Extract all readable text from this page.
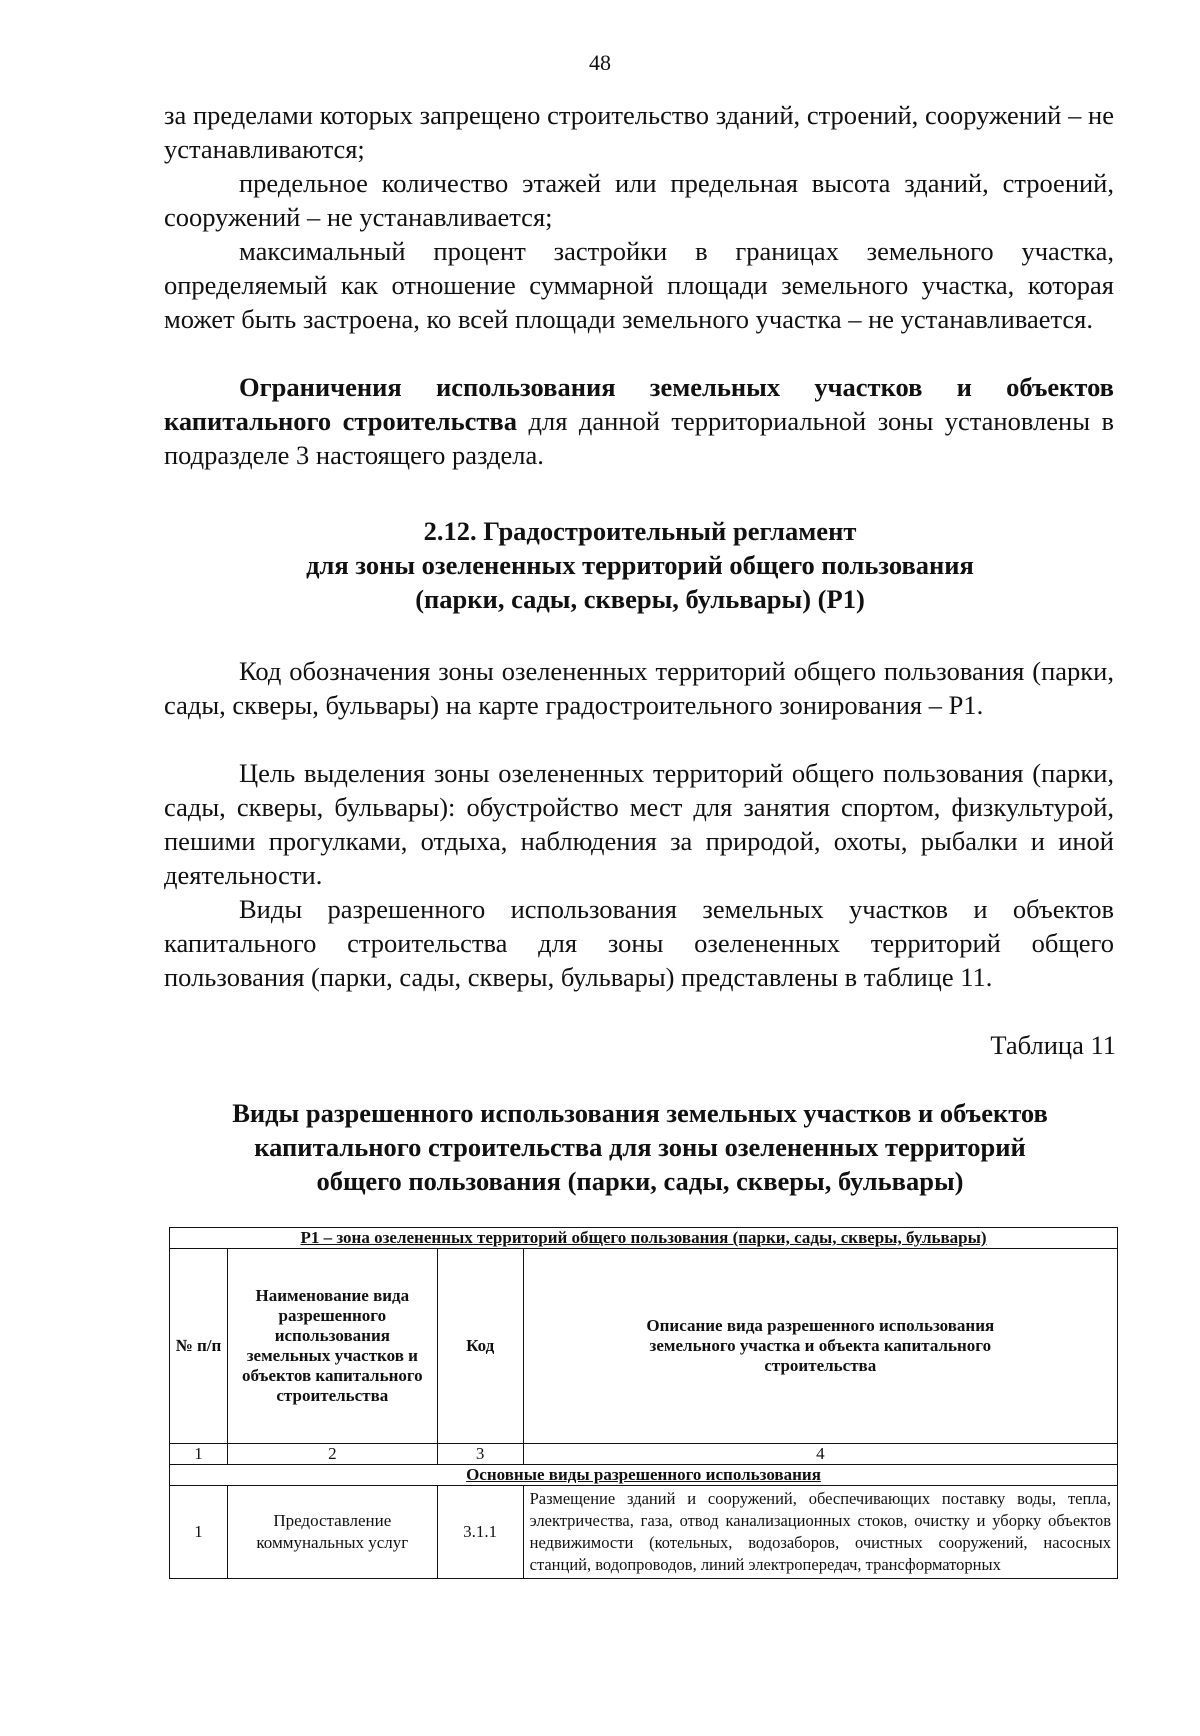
48

за пределами которых запрещено строительство зданий, строений, сооружений – не устанавливаются;

предельное количество этажей или предельная высота зданий, строений, сооружений – не устанавливается;

максимальный процент застройки в границах земельного участка, определяемый как отношение суммарной площади земельного участка, которая может быть застроена, ко всей площади земельного участка – не устанавливается.

Ограничения использования земельных участков и объектов капитального строительства для данной территориальной зоны установлены в подразделе 3 настоящего раздела.

2.12. Градостроительный регламент
для зоны озелененных территорий общего пользования
(парки, сады, скверы, бульвары) (Р1)

Код обозначения зоны озелененных территорий общего пользования (парки, сады, скверы, бульвары) на карте градостроительного зонирования – Р1.

Цель выделения зоны озелененных территорий общего пользования (парки, сады, скверы, бульвары): обустройство мест для занятия спортом, физкультурой, пешими прогулками, отдыха, наблюдения за природой, охоты, рыбалки и иной деятельности.

Виды разрешенного использования земельных участков и объектов капитального строительства для зоны озелененных территорий общего пользования (парки, сады, скверы, бульвары) представлены в таблице 11.

Таблица 11
Виды разрешенного использования земельных участков и объектов
капитального строительства для зоны озелененных территорий
общего пользования (парки, сады, скверы, бульвары)
Р1 – зона озелененных территорий общего пользования (парки, сады, скверы, бульвары)			
№ п/п	Наименование вида разрешенного использования земельных участков и объектов капитального строительства	Код	Описание вида разрешенного использования земельного участка и объекта капитального строительства
1	2	3	4
Основные виды разрешенного использования			
1	Предоставление коммунальных услуг	3.1.1	Размещение зданий и сооружений, обеспечивающих поставку воды, тепла, электричества, газа, отвод канализационных стоков, очистку и уборку объектов недвижимости (котельных, водозаборов, очистных сооружений, насосных станций, водопроводов, линий электропередач, трансформаторных
